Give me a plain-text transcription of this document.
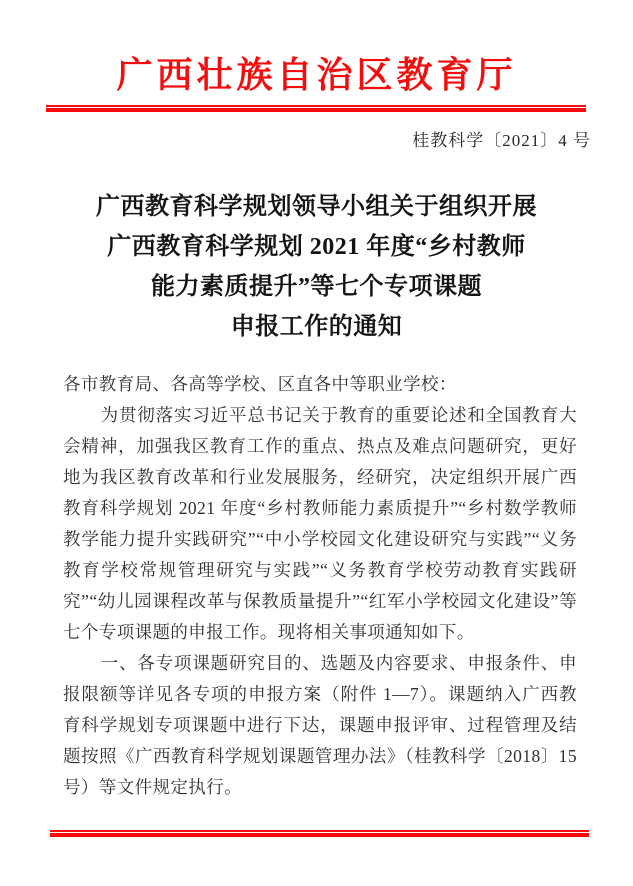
广西壮族自治区教育厅
桂教科学〔2021〕4 号
广西教育科学规划领导小组关于组织开展
广西教育科学规划 2021 年度“乡村教师
能力素质提升”等七个专项课题
申报工作的通知

各市教育局、各高等学校、区直各中等职业学校：

为贯彻落实习近平总书记关于教育的重要论述和全国教育大会精神，加强我区教育工作的重点、热点及难点问题研究，更好地为我区教育改革和行业发展服务，经研究，决定组织开展广西教育科学规划 2021 年度“乡村教师能力素质提升”“乡村数学教师教学能力提升实践研究”“中小学校园文化建设研究与实践”“义务教育学校常规管理研究与实践”“义务教育学校劳动教育实践研究”“幼儿园课程改革与保教质量提升”“红军小学校园文化建设”等七个专项课题的申报工作。现将相关事项通知如下。

一、各专项课题研究目的、选题及内容要求、申报条件、申报限额等详见各专项的申报方案（附件 1—7）。课题纳入广西教育科学规划专项课题中进行下达，课题申报评审、过程管理及结题按照《广西教育科学规划课题管理办法》（桂教科学〔2018〕15 号）等文件规定执行。
